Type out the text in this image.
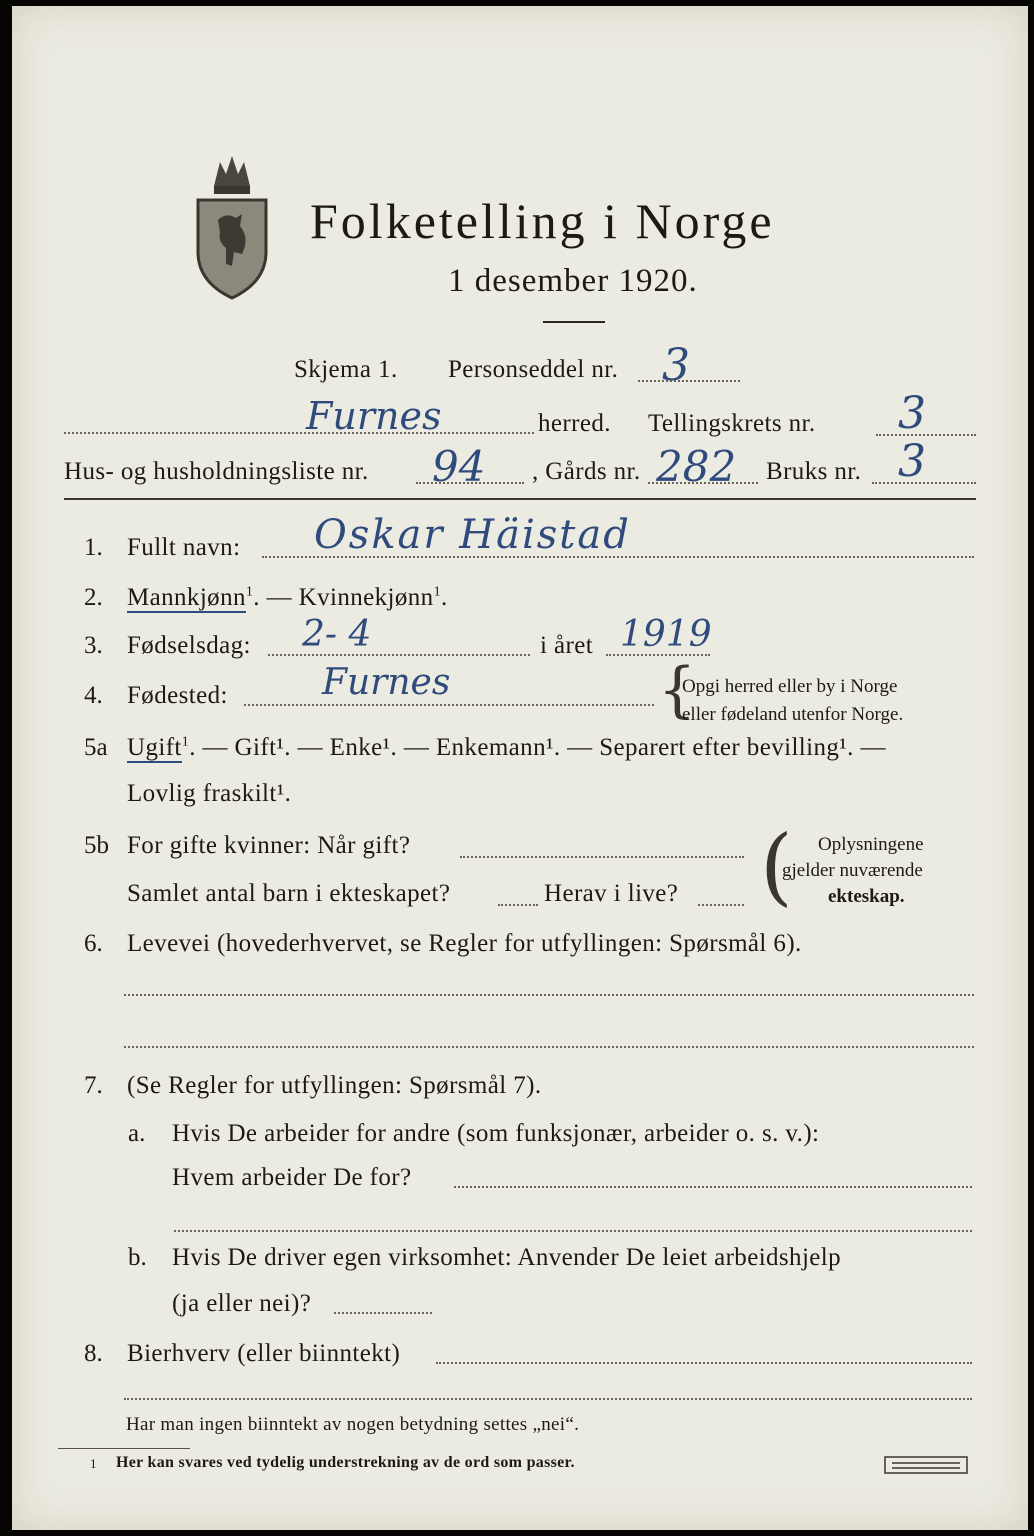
Folketelling i Norge
1 desember 1920.
Skjema 1. Personseddel nr. 3
Furnes	herred. Tellingskrets nr. 3
Hus- og husholdningsliste nr. 94 , Gårds nr. 282 Bruks nr. 3
1. Fullt navn: Oskar Häistad
2. Mannkjønn$^1$. — Kvinnekjønn$^1$.
3. Fødselsdag: 2- 4	i året 1919
4. Fødested:	Furnes	{
Opgi herred eller by i Norge
eller fødeland utenfor Norge.
5a Ugift$^1$. — Gift¹. — Enke¹. — Enkemann¹. — Separert efter bevilling¹. —
Lovlig fraskilt¹.
5b For gifte kvinner: Når gift?
Samlet antal barn i ekteskapet?	Herav i live? ( Oplysningene
gjelder nuværende
ekteskap.
6. Levevei (hovederhvervet, se Regler for utfyllingen: Spørsmål 6).
7. (Se Regler for utfyllingen: Spørsmål 7).
a. Hvis De arbeider for andre (som funksjonær, arbeider o. s. v.):
Hvem arbeider De for?
b. Hvis De driver egen virksomhet: Anvender De leiet arbeidshjelp
(ja eller nei)?
8. Bierhverv (eller biinntekt)
Har man ingen biinntekt av nogen betydning settes „nei“.
1 Her kan svares ved tydelig understrekning av de ord som passer.
